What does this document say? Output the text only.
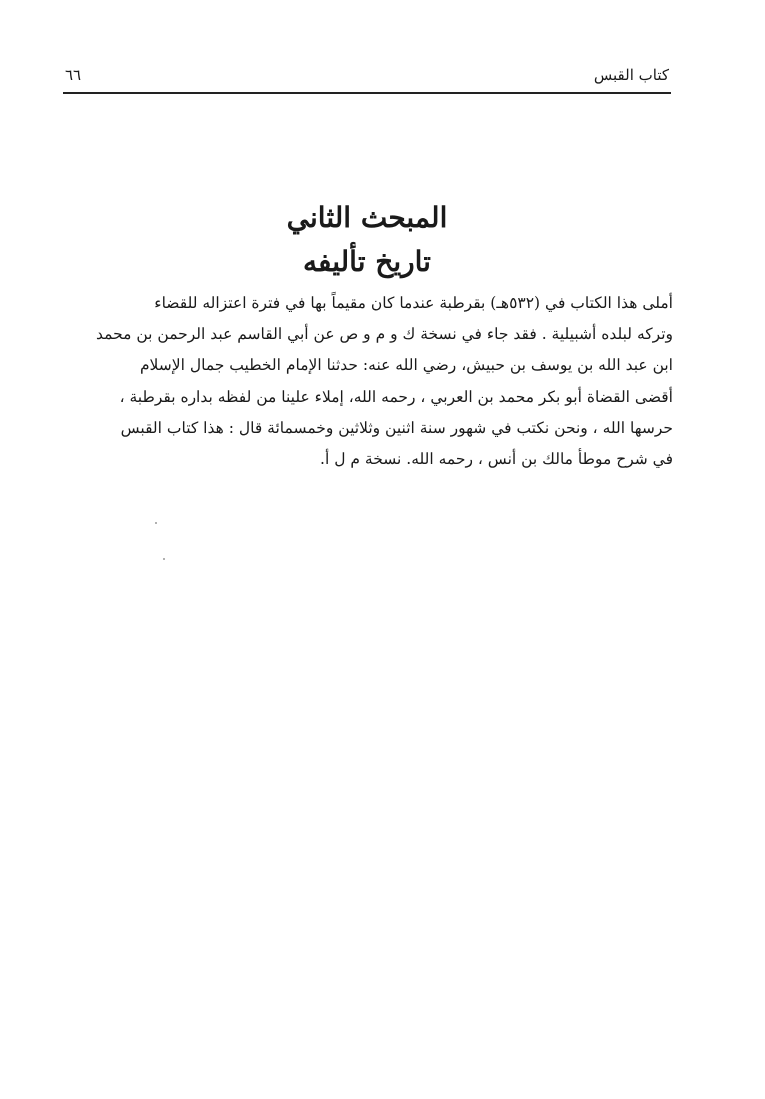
كتاب القبس
٦٦
المبحث الثاني
تاريخ تأليفه
أملى هذا الكتاب في (٥٣٢هـ) بقرطبة عندما كان مقيماً بها في فترة اعتزاله للقضاء
وتركه لبلده أشبيلية . فقد جاء في نسخة ك و م و ص عن أبي القاسم عبد الرحمن بن محمد
ابن عبد الله بن يوسف بن حبيش، رضي الله عنه: حدثنا الإمام الخطيب جمال الإسلام
أقضى القضاة أبو بكر محمد بن العربي ، رحمه الله، إملاء علينا من لفظه بداره بقرطبة ،
حرسها الله ، ونحن نكتب في شهور سنة اثنين وثلاثين وخمسمائة قال : هذا كتاب القبس
في شرح موطأ مالك بن أنس ، رحمه الله. نسخة م ل أ.
